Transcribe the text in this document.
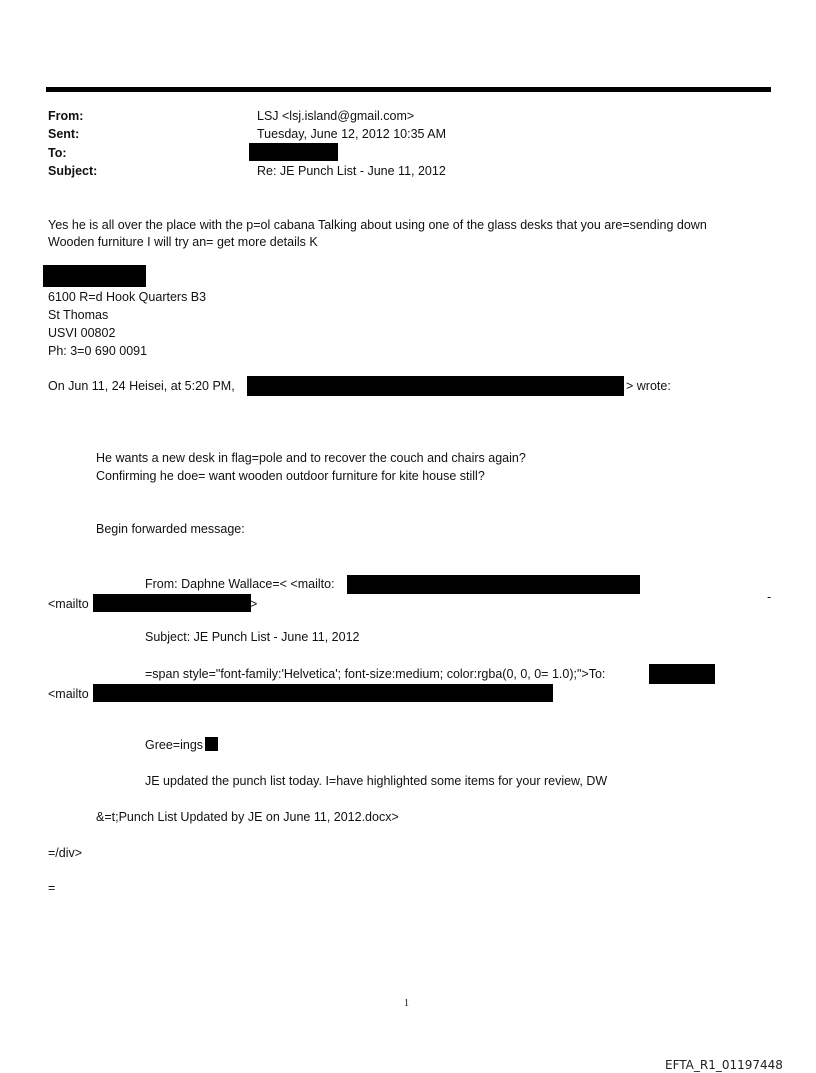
From:	LSJ <lsj.island@gmail.com>
Sent:	Tuesday, June 12, 2012 10:35 AM
To:
Subject:	Re: JE Punch List - June 11, 2012
Yes he is all over the place with the p=ol cabana Talking about using one of the glass desks that you are=sending down
Wooden furniture I will try an= get more details K
6100 R=d Hook Quarters B3
St Thomas
USVI 00802
Ph: 3=0 690 0091
On Jun 11, 24 Heisei, at 5:20 PM,	> wrote:
He wants a new desk in flag=pole and to recover the couch and chairs again?
Confirming he doe= want wooden outdoor furniture for kite house still?
Begin forwarded message:
From: Daphne Wallace=< <mailto:
<mailto	>	-
Subject: JE Punch List - June 11, 2012
=span style="font-family:'Helvetica'; font-size:medium; color:rgba(0, 0, 0= 1.0);">To:
<mailto
Gree=ings
JE updated the punch list today. I=have highlighted some items for your review, DW
&=t;Punch List Updated by JE on June 11, 2012.docx>
=/div>
=
1
EFTA_R1_01197448
